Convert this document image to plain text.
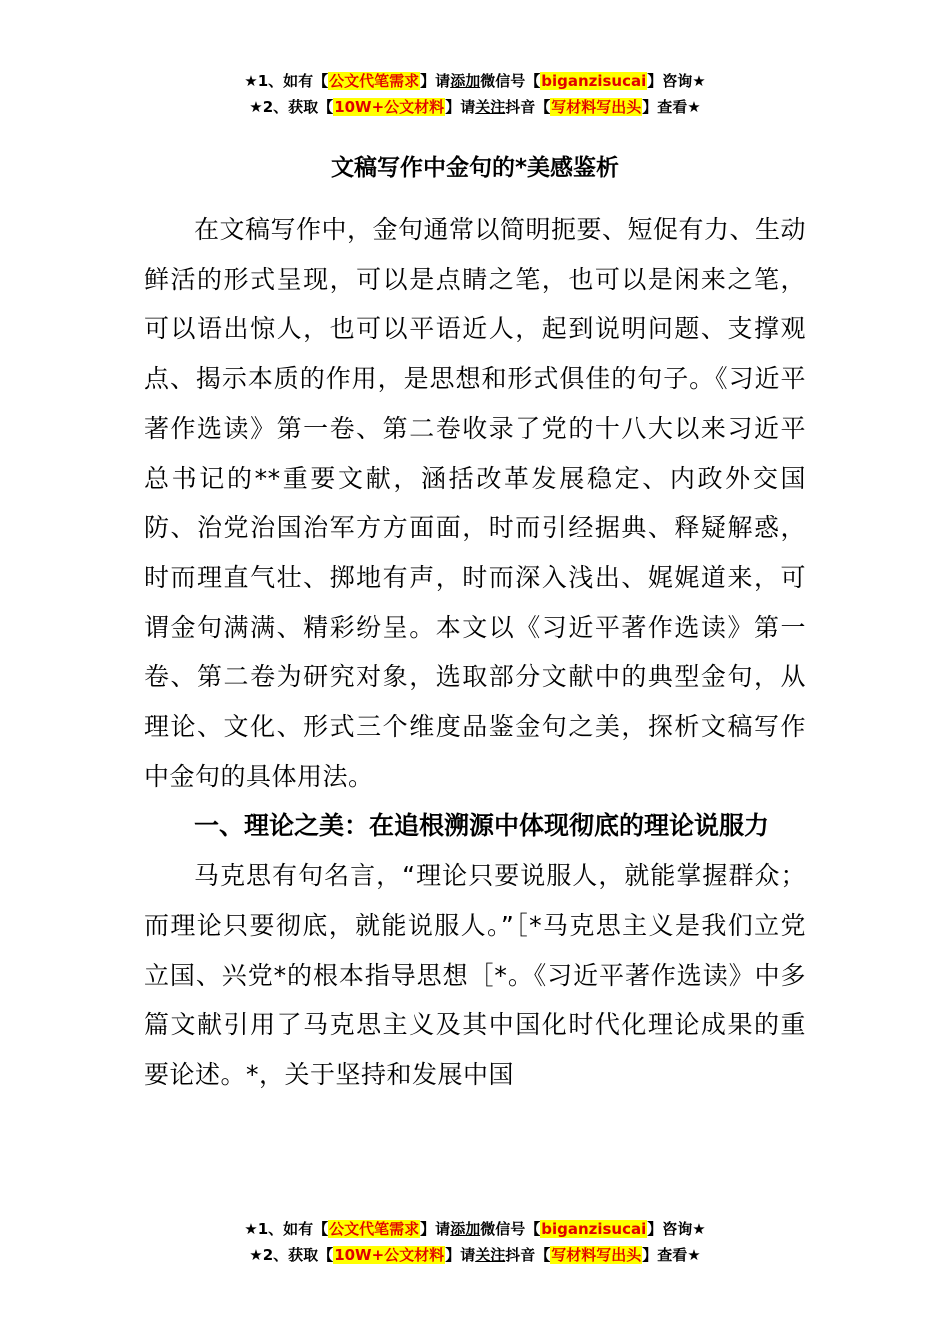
★1、如有【公文代笔需求】请添加微信号【biganzisucai】咨询★
★2、获取【10W+公文材料】请关注抖音【写材料写出头】查看★
文稿写作中金句的*美感鉴析

在文稿写作中，金句通常以简明扼要、短促有力、生动鲜活的形式呈现，可以是点睛之笔，也可以是闲来之笔，可以语出惊人，也可以平语近人，起到说明问题、支撑观点、揭示本质的作用，是思想和形式俱佳的句子。《习近平著作选读》第一卷、第二卷收录了党的十八大以来习近平总书记的**重要文献，涵括改革发展稳定、内政外交国防、治党治国治军方方面面，时而引经据典、释疑解惑，时而理直气壮、掷地有声，时而深入浅出、娓娓道来，可谓金句满满、精彩纷呈。本文以《习近平著作选读》第一卷、第二卷为研究对象，选取部分文献中的典型金句，从理论、文化、形式三个维度品鉴金句之美，探析文稿写作中金句的具体用法。

一、理论之美：在追根溯源中体现彻底的理论说服力

马克思有句名言，“理论只要说服人，就能掌握群众；而理论只要彻底，就能说服人。”［*马克思主义是我们立党立国、兴党*的根本指导思想［*。《习近平著作选读》中多篇文献引用了马克思主义及其中国化时代化理论成果的重要论述。*，关于坚持和发展中国

★1、如有【公文代笔需求】请添加微信号【biganzisucai】咨询★
★2、获取【10W+公文材料】请关注抖音【写材料写出头】查看★
